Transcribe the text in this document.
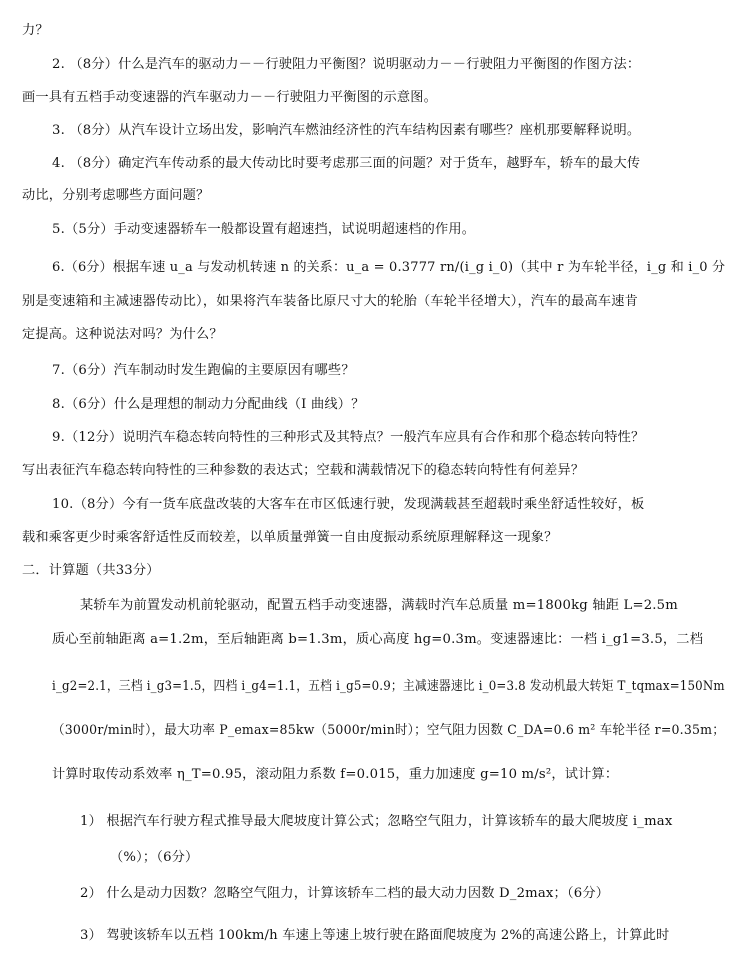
力？
2. （8分）什么是汽车的驱动力－－行驶阻力平衡图？说明驱动力－－行驶阻力平衡图的作图方法：
画一具有五档手动变速器的汽车驱动力－－行驶阻力平衡图的示意图。
3. （8分）从汽车设计立场出发，影响汽车燃油经济性的汽车结构因素有哪些？座机那要解释说明。
4. （8分）确定汽车传动系的最大传动比时要考虑那三面的问题？对于货车，越野车，轿车的最大传
动比，分别考虑哪些方面问题？
5.（5分）手动变速器轿车一般都设置有超速挡，试说明超速档的作用。
6.（6分）根据车速 u_a 与发动机转速 n 的关系：u_a = 0.3777 rn/(i_g i_0)（其中 r 为车轮半径，i_g 和 i_0 分
别是变速箱和主减速器传动比），如果将汽车装备比原尺寸大的轮胎（车轮半径增大），汽车的最高车速肯
定提高。这种说法对吗？为什么？
7.（6分）汽车制动时发生跑偏的主要原因有哪些？
8.（6分）什么是理想的制动力分配曲线（I 曲线）？
9.（12分）说明汽车稳态转向特性的三种形式及其特点？一般汽车应具有合作和那个稳态转向特性？
写出表征汽车稳态转向特性的三种参数的表达式；空载和满载情况下的稳态转向特性有何差异？
10.（8分）今有一货车底盘改装的大客车在市区低速行驶，发现满载甚至超载时乘坐舒适性较好，板
载和乘客更少时乘客舒适性反而较差，以单质量弹簧一自由度振动系统原理解释这一现象？
二．计算题（共33分）
某轿车为前置发动机前轮驱动，配置五档手动变速器，满载时汽车总质量 m=1800kg 轴距 L=2.5m
质心至前轴距离 a=1.2m，至后轴距离 b=1.3m，质心高度 hg=0.3m。变速器速比：一档 i_g1=3.5，二档
i_g2=2.1，三档 i_g3=1.5，四档 i_g4=1.1，五档 i_g5=0.9；主减速器速比 i_0=3.8 发动机最大转矩 T_tqmax=150Nm
（3000r/min时），最大功率 P_emax=85kw（5000r/min时）；空气阻力因数 C_DA=0.6 m² 车轮半径 r=0.35m；
计算时取传动系效率 η_T=0.95，滚动阻力系数 f=0.015，重力加速度 g=10 m/s²，试计算：
1） 根据汽车行驶方程式推导最大爬坡度计算公式；忽略空气阻力，计算该轿车的最大爬坡度 i_max
（%）；（6分）
2） 什么是动力因数？忽略空气阻力，计算该轿车二档的最大动力因数 D_2max；（6分）
3） 驾驶该轿车以五档 100km/h 车速上等速上坡行驶在路面爬坡度为 2%的高速公路上，计算此时
